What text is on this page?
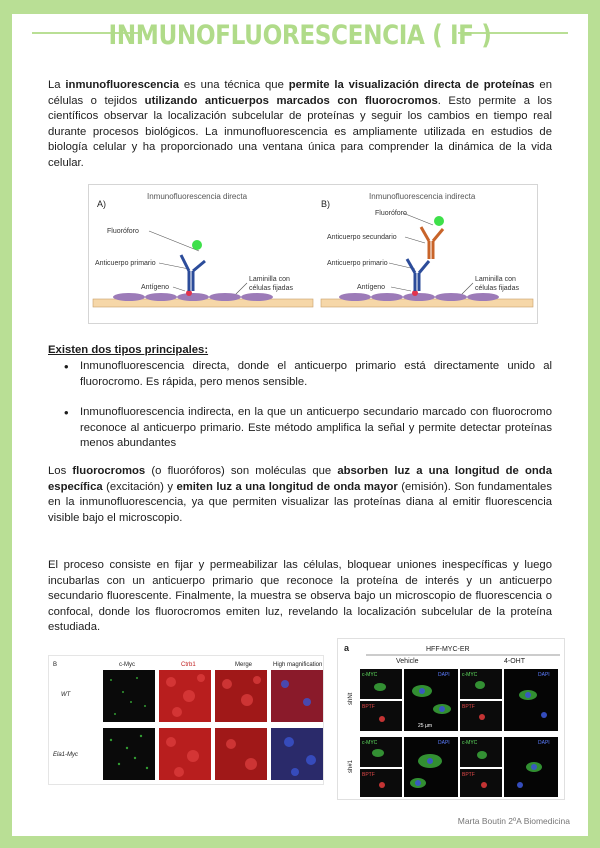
INMUNOFLUORESCENCIA ( IF )
La inmunofluorescencia es una técnica que permite la visualización directa de proteínas en células o tejidos utilizando anticuerpos marcados con fluorocromos. Esto permite a los científicos observar la localización subcelular de proteínas y seguir los cambios en tiempo real durante procesos biológicos. La inmunofluorescencia es ampliamente utilizada en estudios de biología celular y ha proporcionado una ventana única para comprender la dinámica de la vida celular.
A)
Inmunofluorescencia directa
Fluoróforo
Anticuerpo primario
Antígeno
Laminilla con
células fijadas
B)
Inmunofluorescencia indirecta
Fluoróforo
Anticuerpo secundario
Anticuerpo primario
Antígeno
Laminilla con
células fijadas
Existen dos tipos principales:
• Inmunofluorescencia directa, donde el anticuerpo primario está directamente unido al fluorocromo. Es rápida, pero menos sensible.
• Inmunofluorescencia indirecta, en la que un anticuerpo secundario marcado con fluorocromo reconoce al anticuerpo primario. Este método amplifica la señal y permite detectar proteínas menos abundantes
Los fluorocromos (o fluoróforos) son moléculas que absorben luz a una longitud de onda específica (excitación) y emiten luz a una longitud de onda mayor (emisión). Son fundamentales en la inmunofluorescencia, ya que permiten visualizar las proteínas diana al emitir fluorescencia visible bajo el microscopio.
El proceso consiste en fijar y permeabilizar las células, bloquear uniones inespecíficas y luego incubarlas con un anticuerpo primario que reconoce la proteína de interés y un anticuerpo secundario fluorescente. Finalmente, la muestra se observa bajo un microscopio de fluorescencia o confocal, donde los fluorocromos emiten luz, revelando la localización subcelular de la proteína estudiada.
B	c-Myc	Ctrb1	Merge	High magnification
WT
Ela1-Myc
a	HFF-MYC-ER
Vehicle	4-OHT
shNt
sh#1
c-MYC
BPTF
DAPI c-MYC
BPTF
DAPI
c-MYC
BPTF
DAPI c-MYC
BPTF
DAPI
25 µm
Marta Boutin 2ºA Biomedicina
